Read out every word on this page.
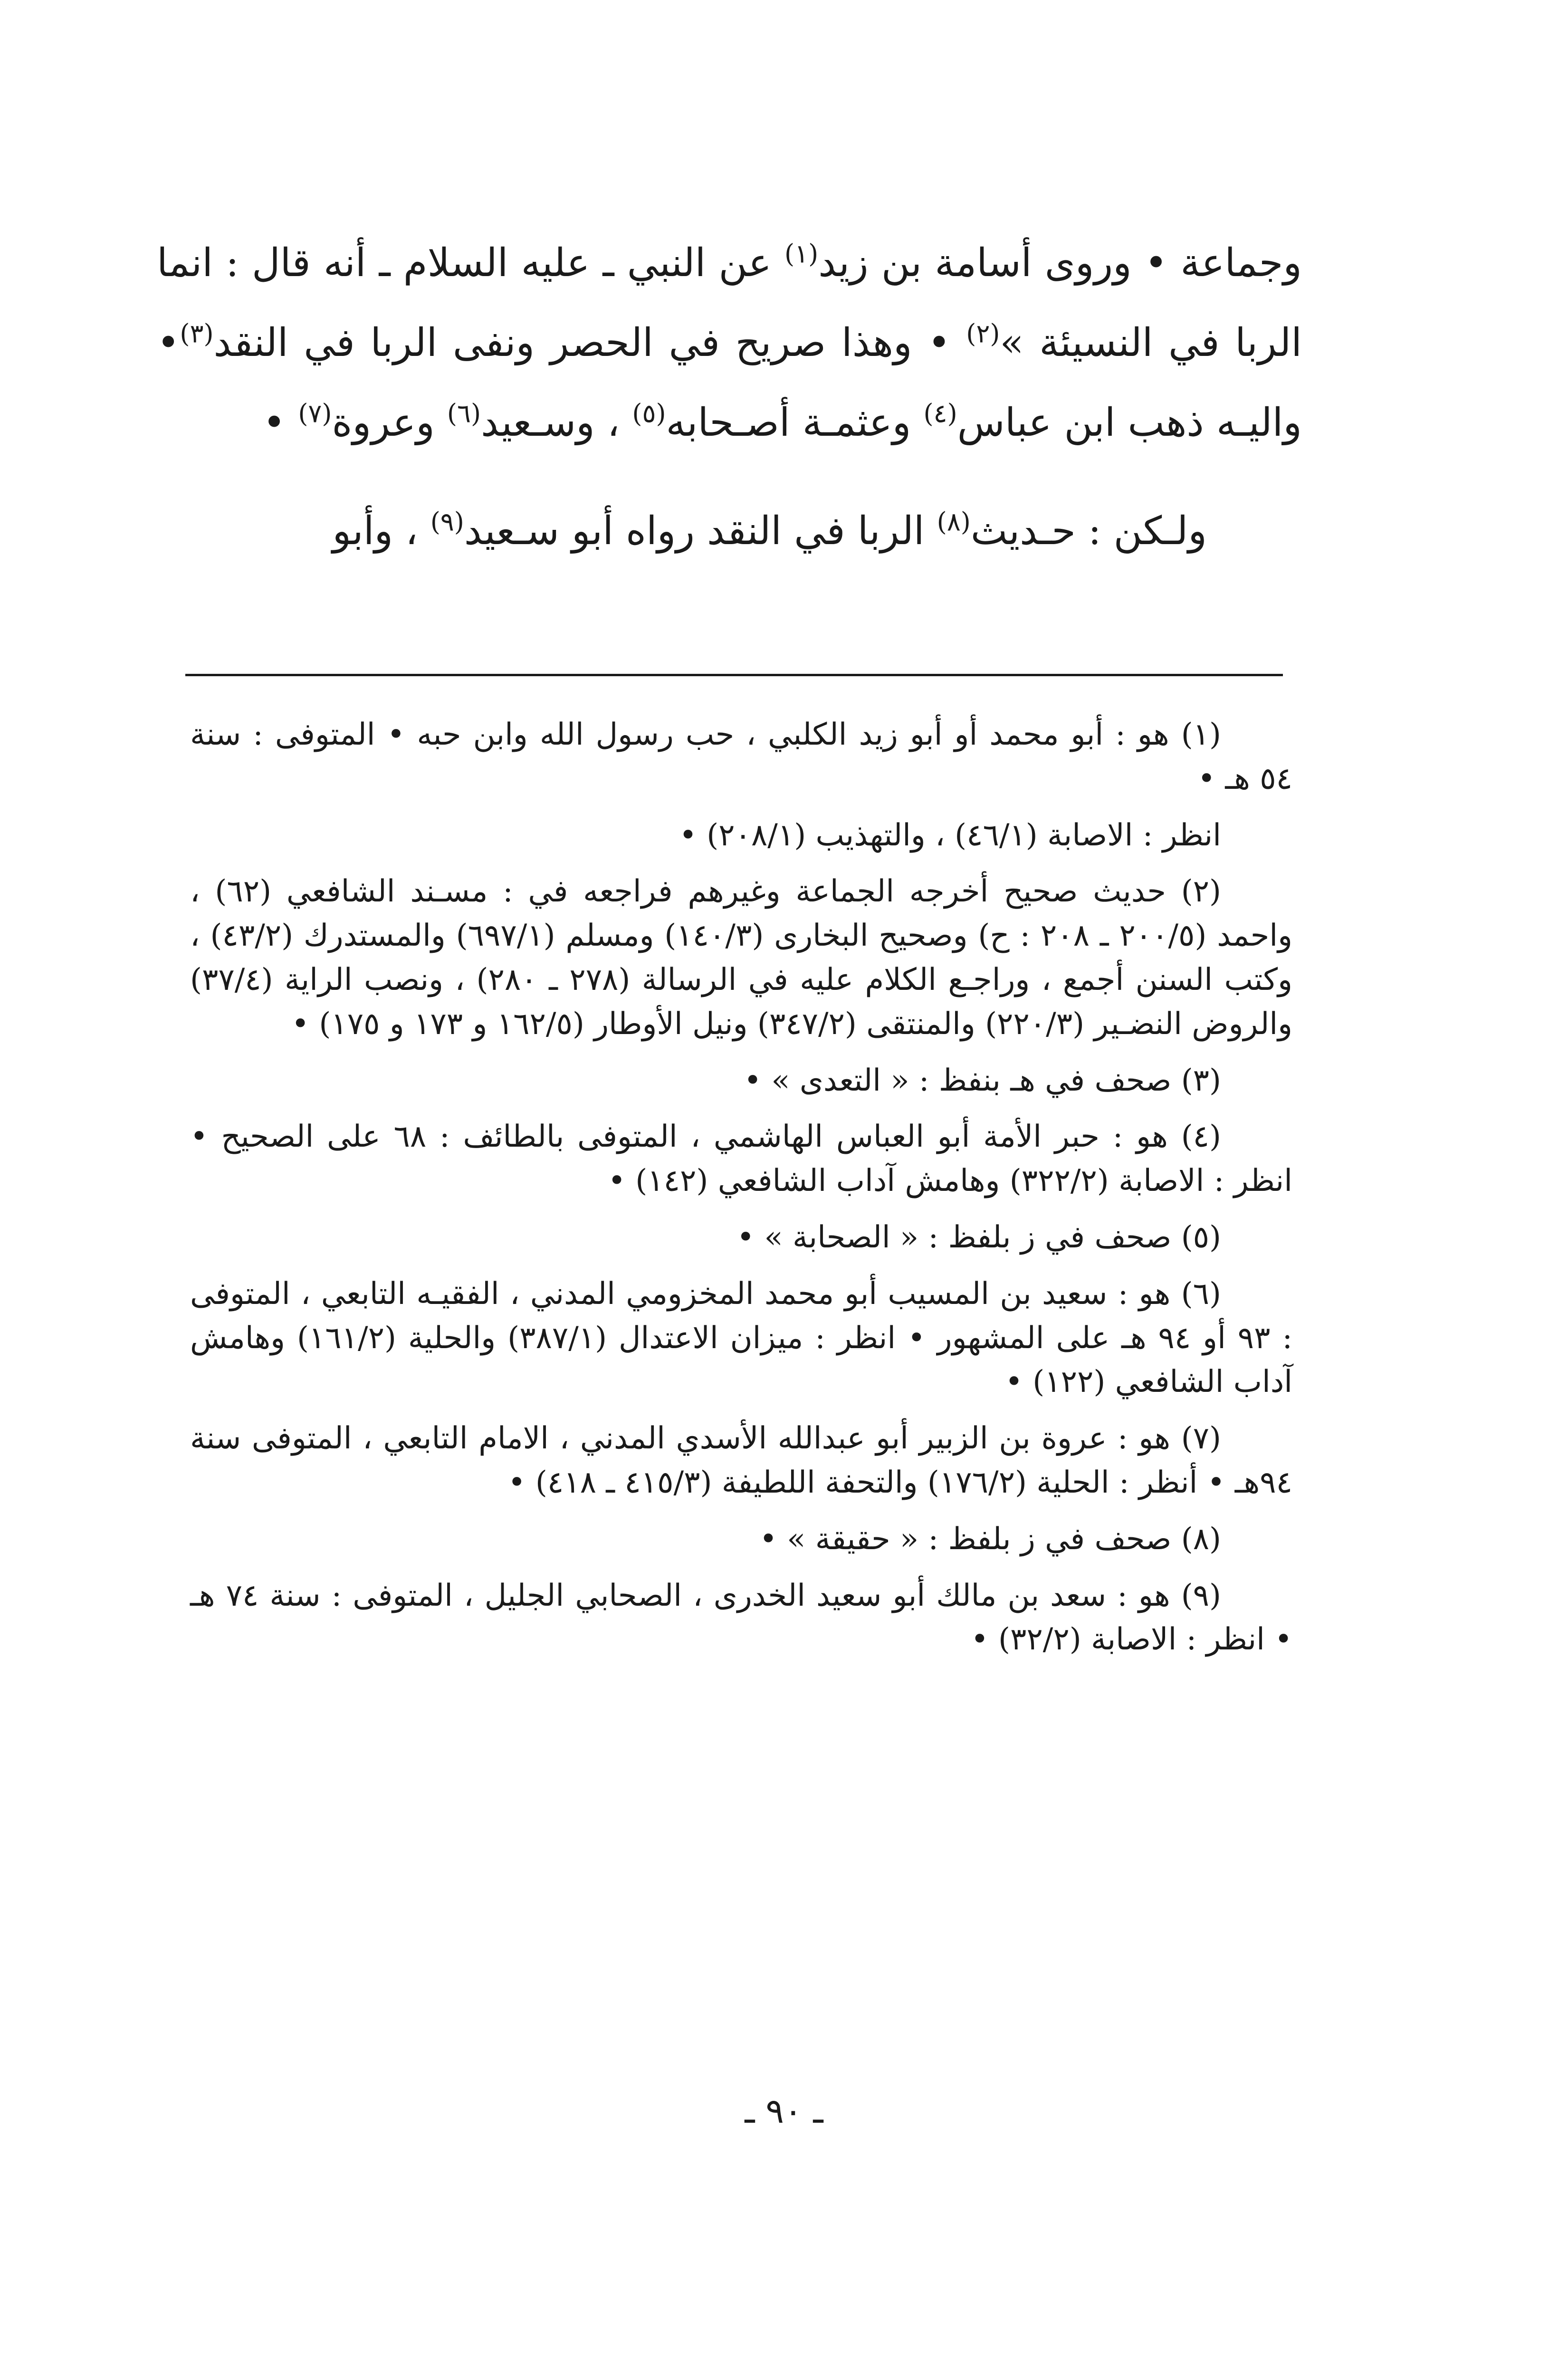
وجماعة • وروى أسامة بن زيد$^{(١)}$ عن النبي ـ عليه السلام ـ أنه قال : انما الربا في النسيئة »$^{(٢)}$ • وهذا صريح في الحصر ونفى الربا في النقد$^{(٣)}$• واليـه ذهب ابن عباس$^{(٤)}$ وعثمـة أصـحابه$^{(٥)}$ ، وسـعيد$^{(٦)}$ وعروة$^{(٧)}$ •

ولـكن : حـديث$^{(٨)}$ الربا في النقد رواه أبو سـعيد$^{(٩)}$ ، وأبو

(١) هو : أبو محمد أو أبو زيد الكلبي ، حب رسول الله وابن حبه • المتوفى : سنة ٥٤ هـ •

انظر : الاصابة (٤٦/١) ، والتهذيب (٢٠٨/١) •

(٢) حديث صحيح أخرجه الجماعة وغيرهم فراجعه في : مسـند الشافعي (٦٢) ، واحمد (٢٠٠/٥ ـ ٢٠٨ : ح) وصحيح البخارى (١٤٠/٣) ومسلم (٦٩٧/١) والمستدرك (٤٣/٢) ، وكتب السنن أجمع ، وراجـع الكلام عليه في الرسالة (٢٧٨ ـ ٢٨٠) ، ونصب الراية (٣٧/٤) والروض النضـير (٢٢٠/٣) والمنتقى (٣٤٧/٢) ونيل الأوطار (١٦٢/٥ و ١٧٣ و ١٧٥) •

(٣) صحف في هـ بنفظ : « التعدى » •

(٤) هو : حبر الأمة أبو العباس الهاشمي ، المتوفى بالطائف : ٦٨ على الصحيح • انظر : الاصابة (٣٢٢/٢) وهامش آداب الشافعي (١٤٢) •

(٥) صحف في ز بلفظ : « الصحابة » •

(٦) هو : سعيد بن المسيب أبو محمد المخزومي المدني ، الفقيـه التابعي ، المتوفى : ٩٣ أو ٩٤ هـ على المشهور • انظر : ميزان الاعتدال (٣٨٧/١) والحلية (١٦١/٢) وهامش آداب الشافعي (١٢٢) •

(٧) هو : عروة بن الزبير أبو عبدالله الأسدي المدني ، الامام التابعي ، المتوفى سنة ٩٤هـ • أنظر : الحلية (١٧٦/٢) والتحفة اللطيفة (٤١٥/٣ ـ ٤١٨) •

(٨) صحف في ز بلفظ : « حقيقة » •

(٩) هو : سعد بن مالك أبو سعيد الخدرى ، الصحابي الجليل ، المتوفى : سنة ٧٤ هـ • انظر : الاصابة (٣٢/٢) •

ـ ٩٠ ـ
